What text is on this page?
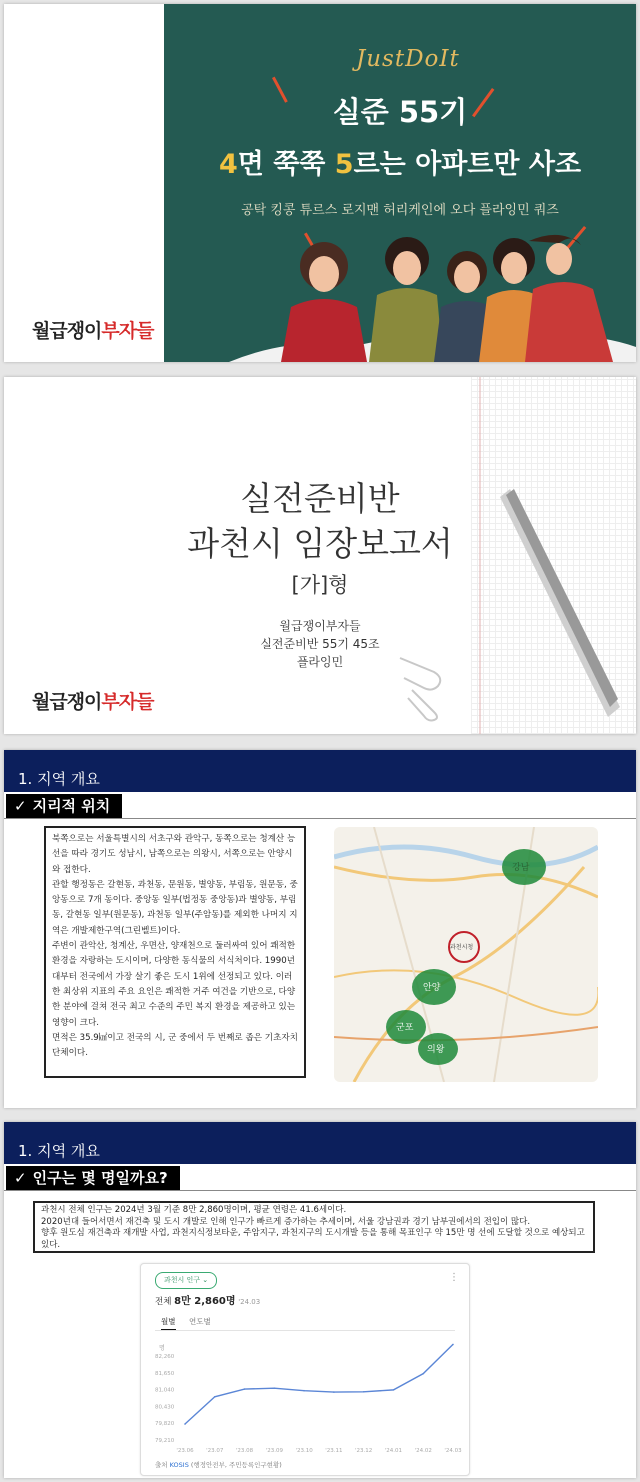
JustDoIt
실준 55기
4면 쭉쭉 5르는 아파트만 사조
공탁 킹콩 튜르스 로지맨 허리케인에 오다 플라잉민 쿼즈
월급쟁이부자들
실전준비반
과천시 임장보고서
[가]형
월급쟁이부자들
실전준비반 55기 45조
플라잉민
월급쟁이부자들
1. 지역 개요
✓ 지리적 위치

북쪽으로는 서울특별시의 서초구와 관악구, 동쪽으로는 청계산 능선을 따라 경기도 성남시, 남쪽으로는 의왕시, 서쪽으로는 안양시와 접한다.

관할 행정동은 갈현동, 과천동, 문원동, 별양동, 부림동, 원문동, 중앙동으로 7개 동이다. 중앙동 일부(법정동 중앙동)과 별양동, 부림동, 갈현동 일부(원문동), 과천동 일부(주암동)를 제외한 나머지 지역은 개발제한구역(그린벨트)이다.

주변이 관악산, 청계산, 우면산, 양재천으로 둘러싸여 있어 쾌적한 환경을 자랑하는 도시이며, 다양한 동식물의 서식처이다. 1990년대부터 전국에서 가장 살기 좋은 도시 1위에 선정되고 있다. 이러한 최상위 지표의 주요 요인은 쾌적한 거주 여건을 기반으로, 다양한 분야에 걸쳐 전국 최고 수준의 주민 복지 환경을 제공하고 있는 영향이 크다.

면적은 35.9㎢이고 전국의 시, 군 중에서 두 번째로 좁은 기초자치단체이다.

강남
안양
군포
의왕
과천시청
1. 지역 개요
✓ 인구는 몇 명일까요?

과천시 전체 인구는 2024년 3월 기준 8만 2,860명이며, 평균 연령은 41.6세이다.

2020년대 들어서면서 재건축 및 도시 개발로 인해 인구가 빠르게 증가하는 추세이며, 서울 강남권과 경기 남부권에서의 전입이 많다.

향후 원도심 재건축과 재개발 사업, 과천지식정보타운, 주암지구, 과천지구의 도시개발 등을 통해 목표인구 약 15만 명 선에 도달할 것으로 예상되고 있다.

과천시 인구 ⌄
전체 8만 2,860명 '24.03
월별 연도별
⋮
명
82,260
81,650
81,040
80,430
79,820
79,210
'23.06 '23.07 '23.08 '23.09 '23.10 '23.11 '23.12 '24.01 '24.02 '24.03
출처 KOSIS (행정안전부, 주민등록인구현황)
